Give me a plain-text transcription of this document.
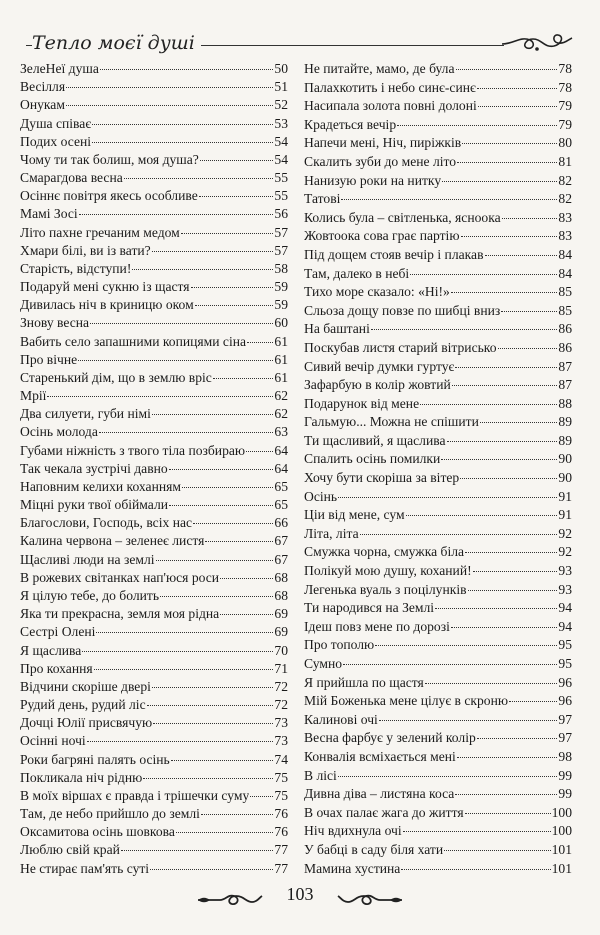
Тепло моєї душі
ЗелеНеї душа	50
Весілля	51
Онукам	52
Душа співає	53
Подих осені	54
Чому ти так болиш, моя душа?	54
Смарагдова весна	55
Осіннє повітря якесь особливе	55
Мамі Зосі	56
Літо пахне гречаним медом	57
Хмари білі, ви із вати?	57
Старість, відступи!	58
Подаруй мені сукню із щастя	59
Дивилась ніч в криницю оком	59
Знову весна	60
Вабить село запашними копицями сіна 61
Про вічне	61
Старенький дім, що в землю вріс	61
Мрії	62
Два силуети, губи німі	62
Осінь молода	63
Губами ніжність з твого тіла позбираю 64
Так чекала зустрічі давно	64
Наповним келихи коханням	65
Міцні руки твої обіймали	65
Благослови, Господь, всіх нас	66
Калина червона – зеленеє листя	67
Щасливі люди на землі	67
В рожевих світанках нап'юся роси	68
Я цілую тебе, до болить	68
Яка ти прекрасна, земля моя рідна	69
Сестрі Олені	69
Я щаслива	70
Про кохання	71
Відчини скоріше двері	72
Рудий день, рудий ліс	72
Дочці Юлії присвячую	73
Осінні ночі	73
Роки багряні палять осінь	74
Покликала ніч рідню	75
В моїх віршах є правда і трішечки суму 75
Там, де небо прийшло до землі	76
Оксамитова осінь шовкова	76
Люблю свій край	77
Не стирає пам'ять суті	77
Не питайте, мамо, де була	78
Палахкотить і небо синє-синє	78
Насипала золота повні долоні	79
Крадеться вечір	79
Напечи мені, Ніч, пиріжків	80
Скалить зуби до мене літо	81
Нанизую роки на нитку	82
Татові	82
Колись була – світленька, ясноока	83
Жовтоока сова грає партію	83
Під дощем стояв вечір і плакав	84
Там, далеко в небі	84
Тихо море сказало: «Ні!»	85
Сльоза дощу повзе по шибці вниз	85
На баштані	86
Поскубав листя старий вітрисько	86
Сивий вечір думки гуртує	87
Зафарбую в колір жовтий	87
Подарунок від мене	88
Гальмую... Можна не спішити	89
Ти щасливий, я щаслива	89
Спалить осінь помилки	90
Хочу бути скоріша за вітер	90
Осінь	91
Ціи від мене, сум	91
Літа, літа	92
Смужка чорна, смужка біла	92
Полікуй мою душу, коханий!	93
Легенька вуаль з поцілунків	93
Ти народився на Землі	94
Ідеш повз мене по дорозі	94
Про тополю	95
Сумно	95
Я прийшла по щастя	96
Мій Боженька мене цілує в скроню	96
Калинові очі	97
Весна фарбує у зелений колір	97
Конвалія всміхається мені	98
В лісі	99
Дивна діва – листяна коса	99
В очах палає жага до життя	100
Ніч вдихнула очі	100
У бабці в саду біля хати	101
Мамина хустина	101
103
